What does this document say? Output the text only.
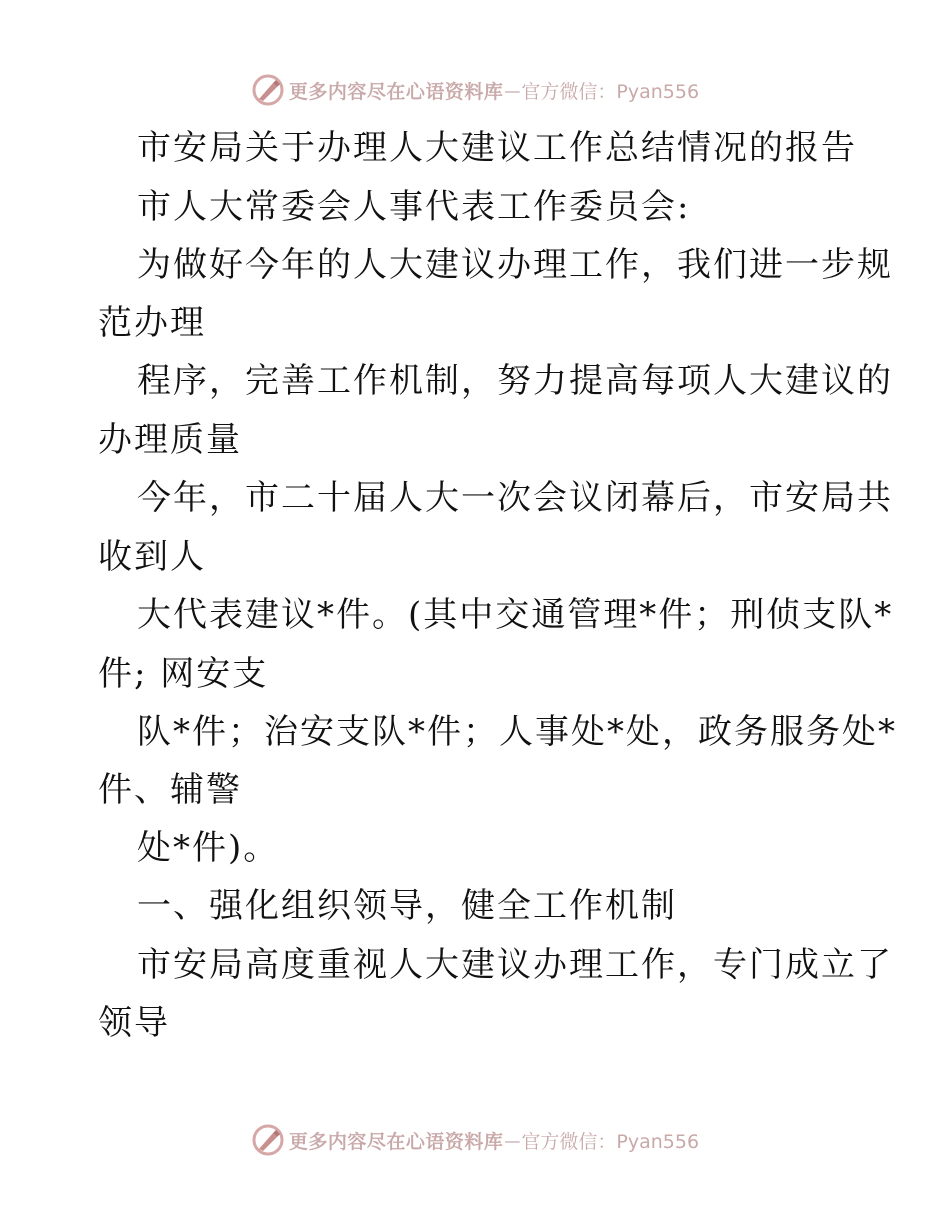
更多内容尽在心语资料库 — 官方微信：Pyan556
市安局关于办理人大建议工作总结情况的报告
市人大常委会人事代表工作委员会:
为做好今年的人大建议办理工作，我们进一步规
范办理
程序，完善工作机制，努力提高每项人大建议的
办理质量
今年，市二十届人大一次会议闭幕后，市安局共
收到人
大代表建议*件。(其中交通管理*件；刑侦支队*
件; 网安支
队*件；治安支队*件；人事处*处，政务服务处*
件、辅警
处*件)。
一、强化组织领导，健全工作机制
市安局高度重视人大建议办理工作，专门成立了
领导
更多内容尽在心语资料库 — 官方微信：Pyan556
